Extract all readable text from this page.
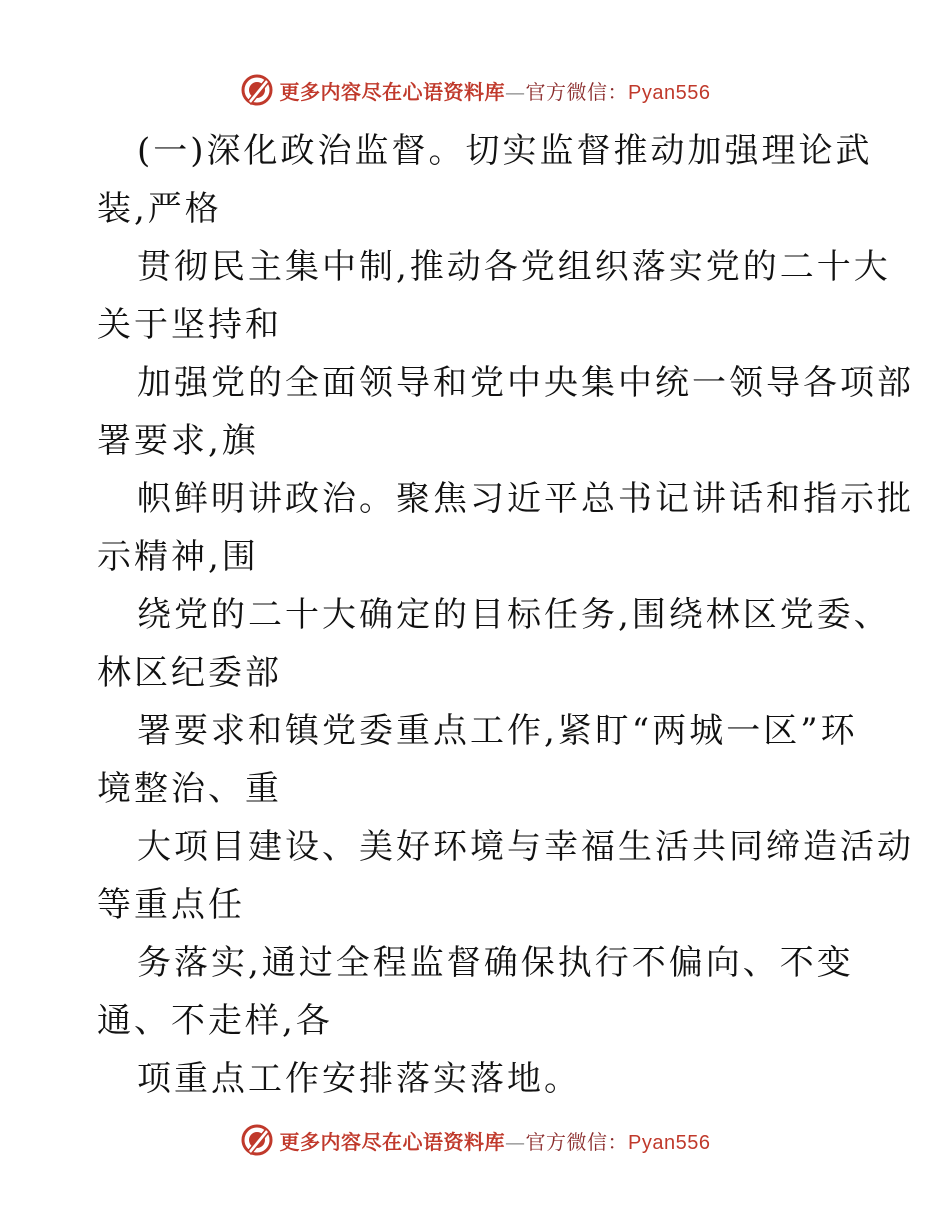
更多内容尽在心语资料库—官方微信：Pyan556
(一)深化政治监督。切实监督推动加强理论武
装,严格
贯彻民主集中制,推动各党组织落实党的二十大
关于坚持和
加强党的全面领导和党中央集中统一领导各项部
署要求,旗
帜鲜明讲政治。聚焦习近平总书记讲话和指示批
示精神,围
绕党的二十大确定的目标任务,围绕林区党委、
林区纪委部
署要求和镇党委重点工作,紧盯“两城一区”环
境整治、重
大项目建设、美好环境与幸福生活共同缔造活动
等重点任
务落实,通过全程监督确保执行不偏向、不变
通、不走样,各
项重点工作安排落实落地。
更多内容尽在心语资料库—官方微信：Pyan556
